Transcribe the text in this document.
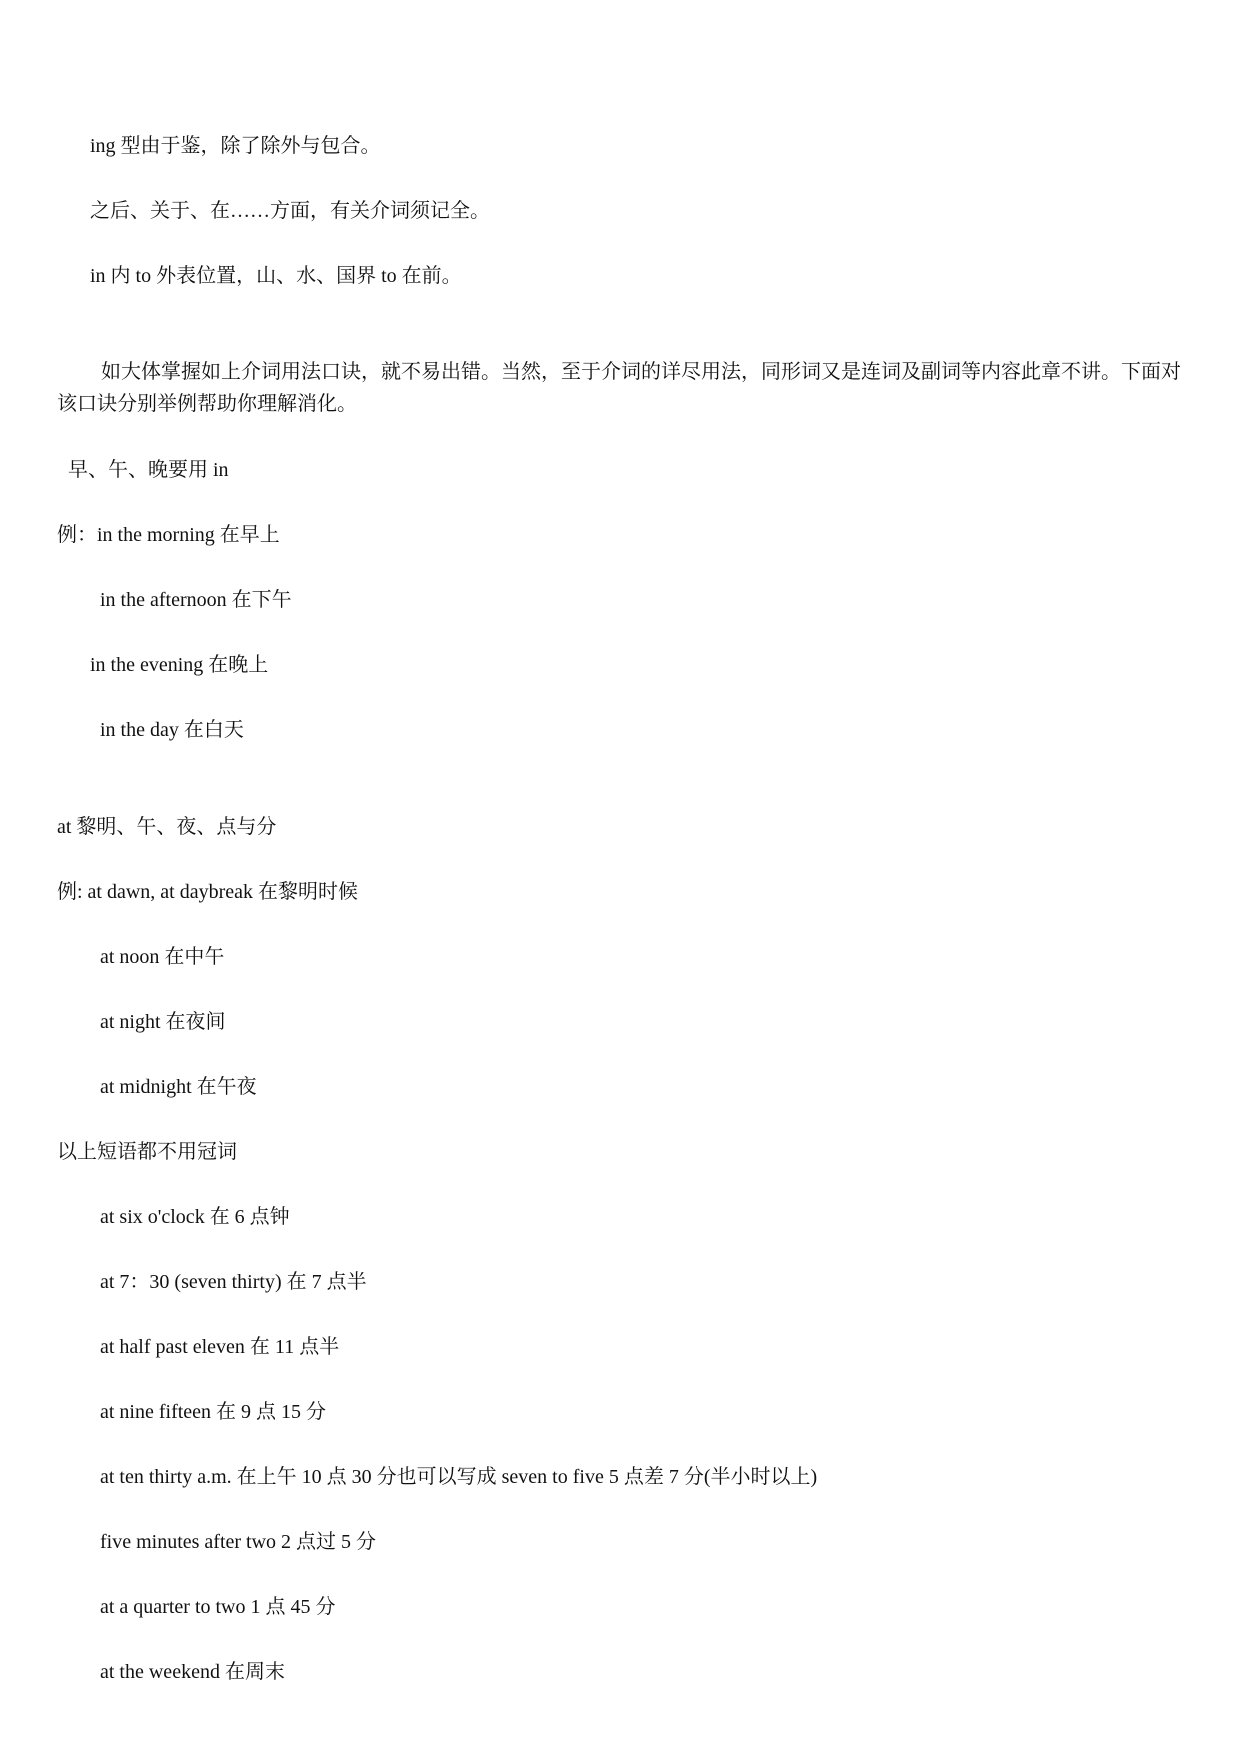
ing 型由于鉴，除了除外与包合。
之后、关于、在……方面，有关介词须记全。
in 内 to 外表位置，山、水、国界 to 在前。
如大体掌握如上介词用法口诀，就不易出错。当然，至于介词的详尽用法，同形词又是连词及副词等内容此章不讲。下面对该口诀分别举例帮助你理解消化。
早、午、晚要用 in
例：in the morning 在早上
in the afternoon 在下午
in the evening 在晚上
in the day 在白天
at 黎明、午、夜、点与分
例: at dawn, at daybreak 在黎明时候
at noon 在中午
at night 在夜间
at midnight 在午夜
以上短语都不用冠词
at six o'clock 在 6 点钟
at 7：30 (seven thirty) 在 7 点半
at half past eleven 在 11 点半
at nine fifteen 在 9 点 15 分
at ten thirty a.m. 在上午 10 点 30 分也可以写成 seven to five 5 点差 7 分(半小时以上)
five minutes after two 2 点过 5 分
at a quarter to two 1 点 45 分
at the weekend 在周末
